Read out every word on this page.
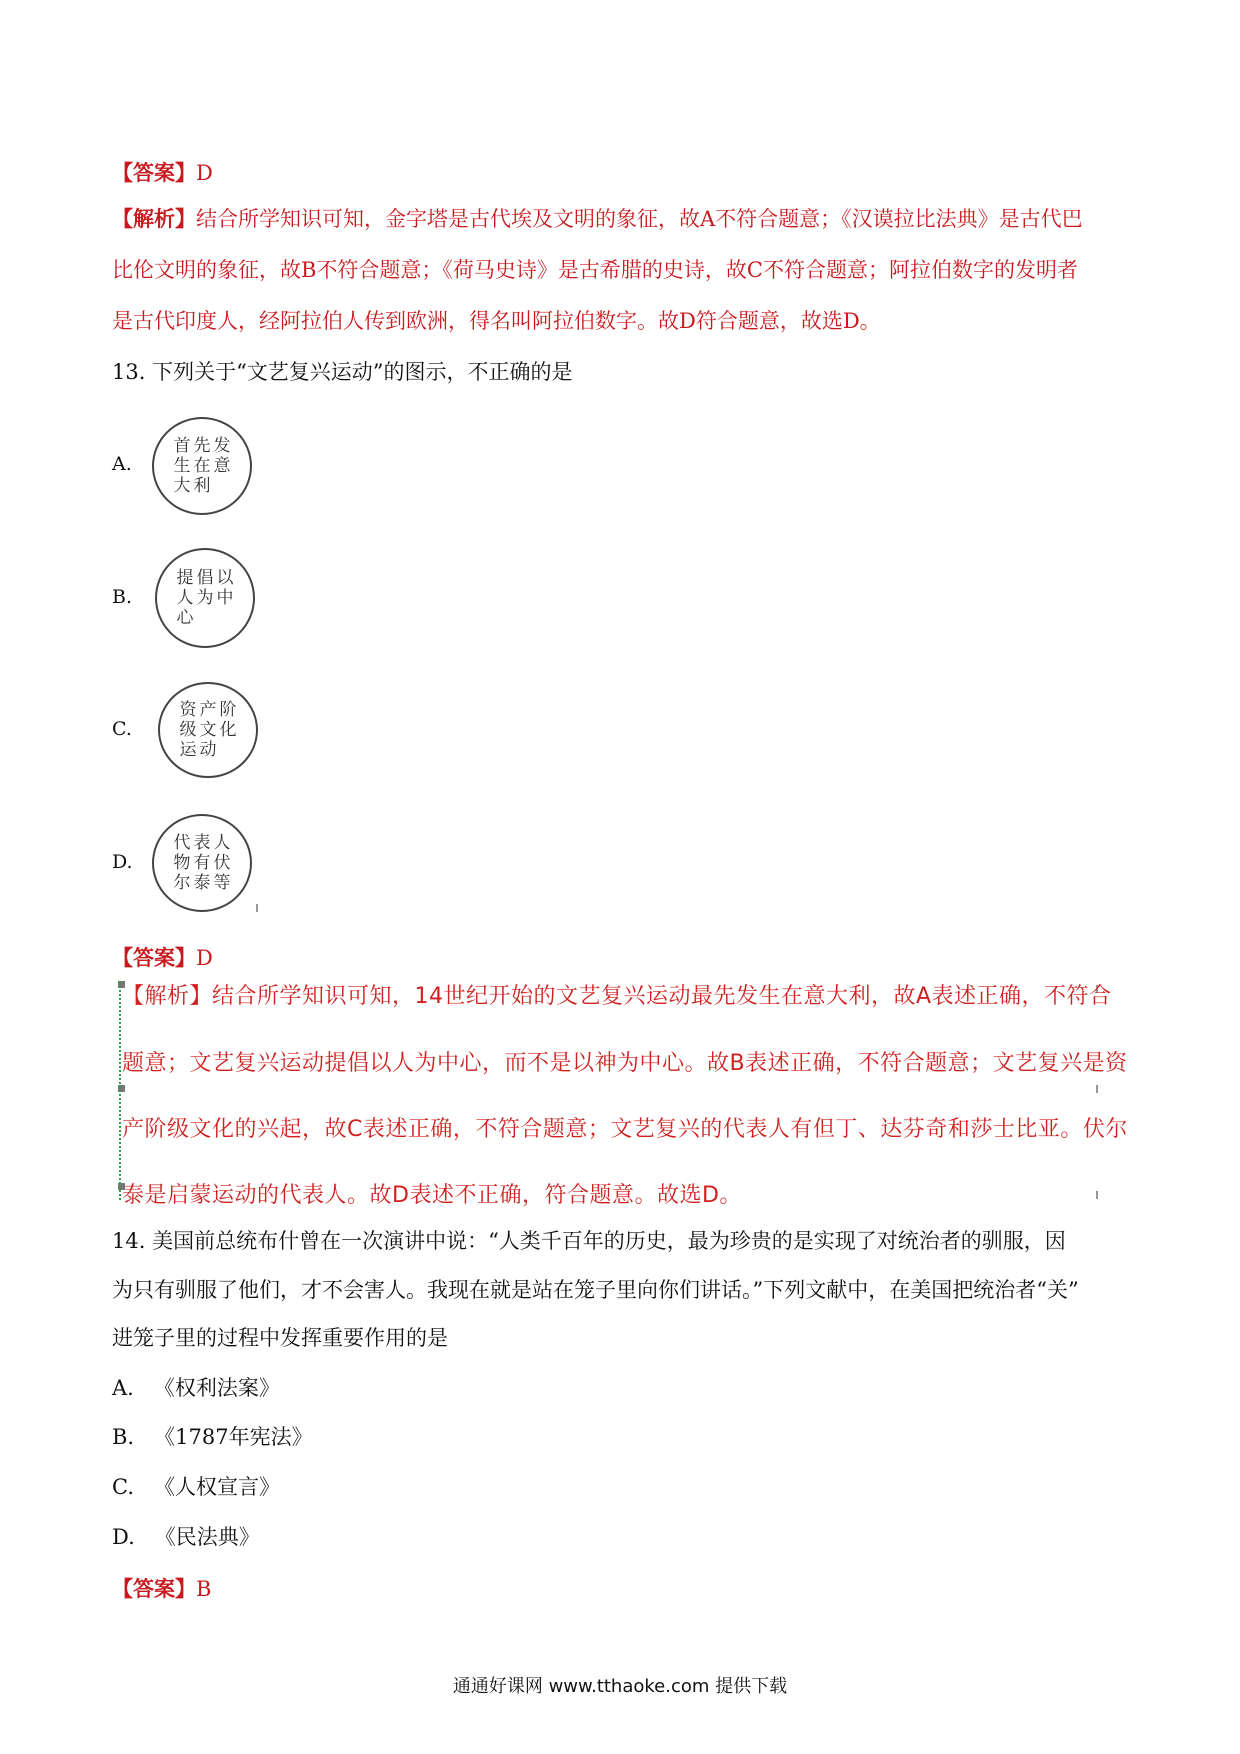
【答案】D
【解析】结合所学知识可知，金字塔是古代埃及文明的象征，故A不符合题意；《汉谟拉比法典》是古代巴
比伦文明的象征，故B不符合题意；《荷马史诗》是古希腊的史诗，故C不符合题意；阿拉伯数字的发明者
是古代印度人，经阿拉伯人传到欧洲，得名叫阿拉伯数字。故D符合题意，故选D。
13. 下列关于“文艺复兴运动”的图示，不正确的是
A.
首 先 发
生 在 意
大 利
B.
提 倡 以
人 为 中
心
C.
资 产 阶
级 文 化
运 动
D.
代 表 人
物 有 伏
尔 泰 等
【答案】D
【解析】结合所学知识可知，14世纪开始的文艺复兴运动最先发生在意大利，故A表述正确，不符合
题意；文艺复兴运动提倡以人为中心，而不是以神为中心。故B表述正确，不符合题意；文艺复兴是资
产阶级文化的兴起，故C表述正确，不符合题意；文艺复兴的代表人有但丁、达芬奇和莎士比亚。伏尔
泰是启蒙运动的代表人。故D表述不正确，符合题意。故选D。
14. 美国前总统布什曾在一次演讲中说：“人类千百年的历史，最为珍贵的是实现了对统治者的驯服，因
为只有驯服了他们，才不会害人。我现在就是站在笼子里向你们讲话。”下列文献中，在美国把统治者“关”
进笼子里的过程中发挥重要作用的是
A. 《权利法案》
B. 《1787年宪法》
C. 《人权宣言》
D. 《民法典》
【答案】B
通通好课网 www.tthaoke.com 提供下载
